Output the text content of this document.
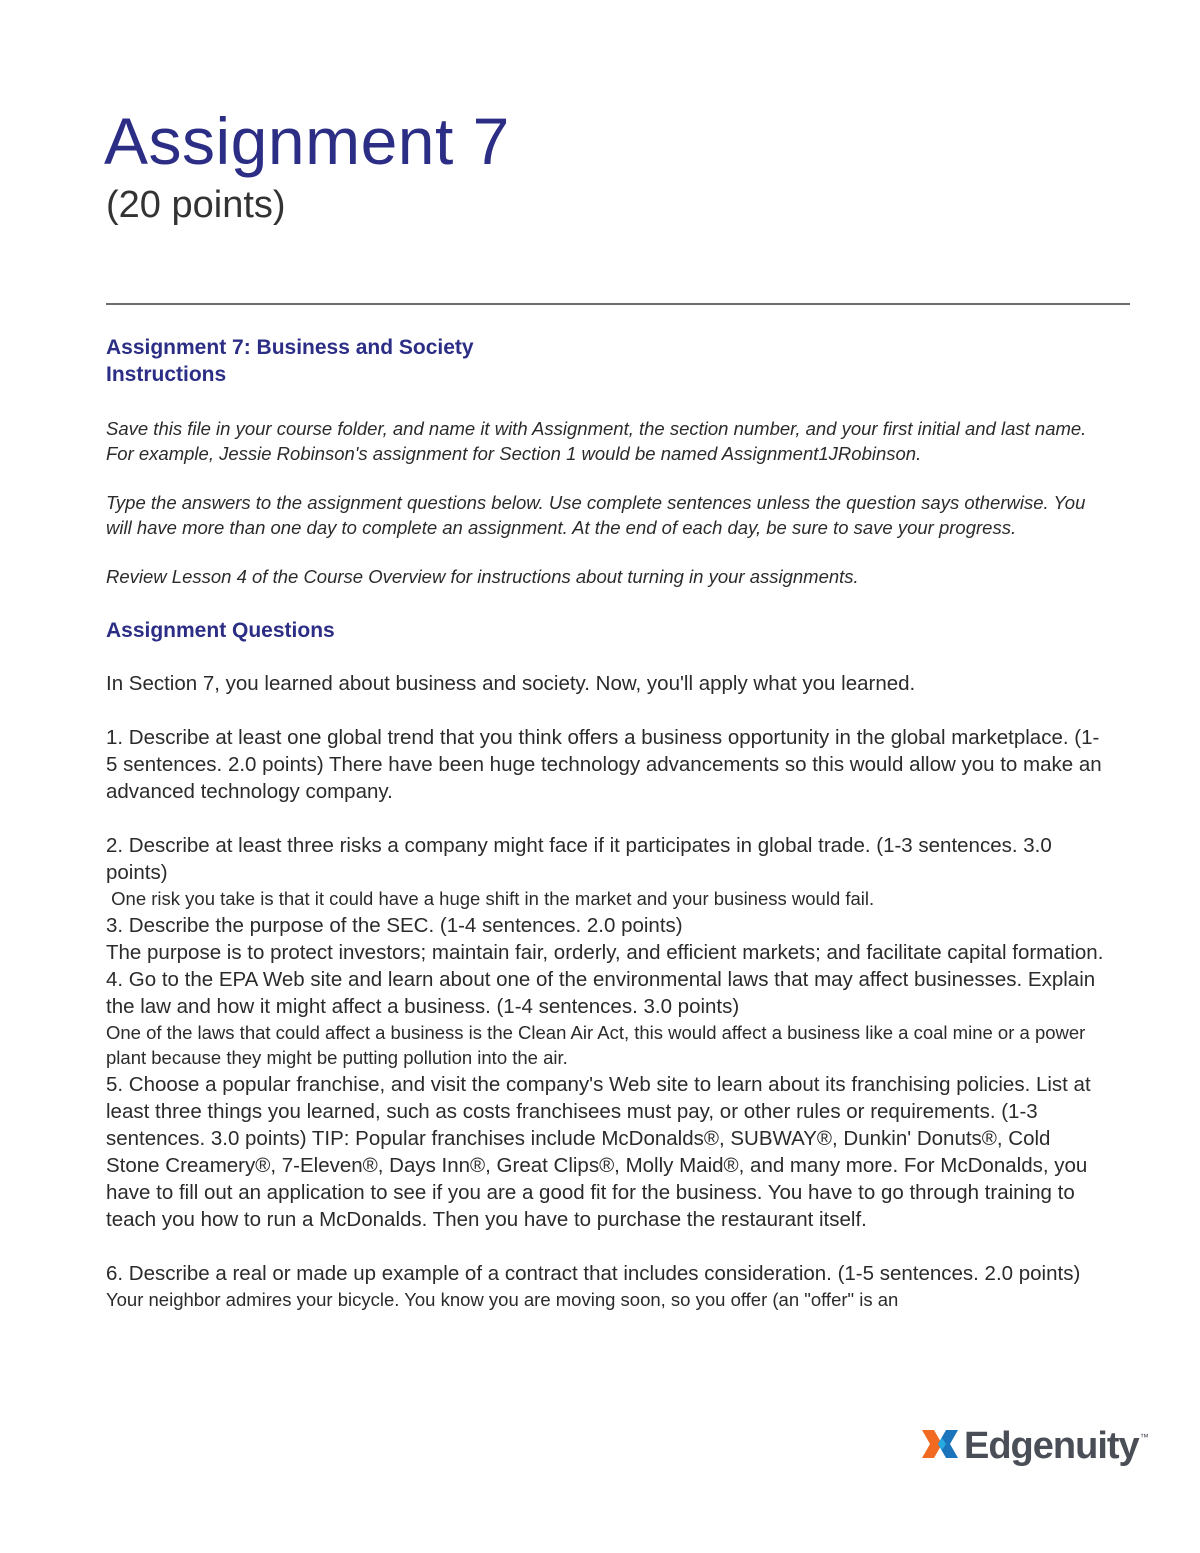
Assignment 7
(20 points)

Assignment 7: Business and Society

Instructions

Save this file in your course folder, and name it with Assignment, the section number, and your first initial and last name. For example, Jessie Robinson's assignment for Section 1 would be named Assignment1JRobinson.

Type the answers to the assignment questions below. Use complete sentences unless the question says otherwise. You will have more than one day to complete an assignment. At the end of each day, be sure to save your progress.

Review Lesson 4 of the Course Overview for instructions about turning in your assignments.

Assignment Questions

In Section 7, you learned about business and society. Now, you'll apply what you learned.

1. Describe at least one global trend that you think offers a business opportunity in the global marketplace. (1-5 sentences. 2.0 points) There have been huge technology advancements so this would allow you to make an advanced technology company.

2. Describe at least three risks a company might face if it participates in global trade. (1-3 sentences. 3.0 points)

One risk you take is that it could have a huge shift in the market and your business would fail.

3. Describe the purpose of the SEC. (1-4 sentences. 2.0 points)

The purpose is to protect investors; maintain fair, orderly, and efficient markets; and facilitate capital formation.

4. Go to the EPA Web site and learn about one of the environmental laws that may affect businesses. Explain the law and how it might affect a business. (1-4 sentences. 3.0 points)

One of the laws that could affect a business is the Clean Air Act, this would affect a business like a coal mine or a power plant because they might be putting pollution into the air.

5. Choose a popular franchise, and visit the company's Web site to learn about its franchising policies. List at least three things you learned, such as costs franchisees must pay, or other rules or requirements. (1-3 sentences. 3.0 points) TIP: Popular franchises include McDonalds®, SUBWAY®, Dunkin' Donuts®, Cold Stone Creamery®, 7-Eleven®, Days Inn®, Great Clips®, Molly Maid®, and many more. For McDonalds, you have to fill out an application to see if you are a good fit for the business. You have to go through training to teach you how to run a McDonalds. Then you have to purchase the restaurant itself.

6. Describe a real or made up example of a contract that includes consideration. (1-5 sentences. 2.0 points)

Your neighbor admires your bicycle. You know you are moving soon, so you offer (an "offer" is an

Edgenuity ™
